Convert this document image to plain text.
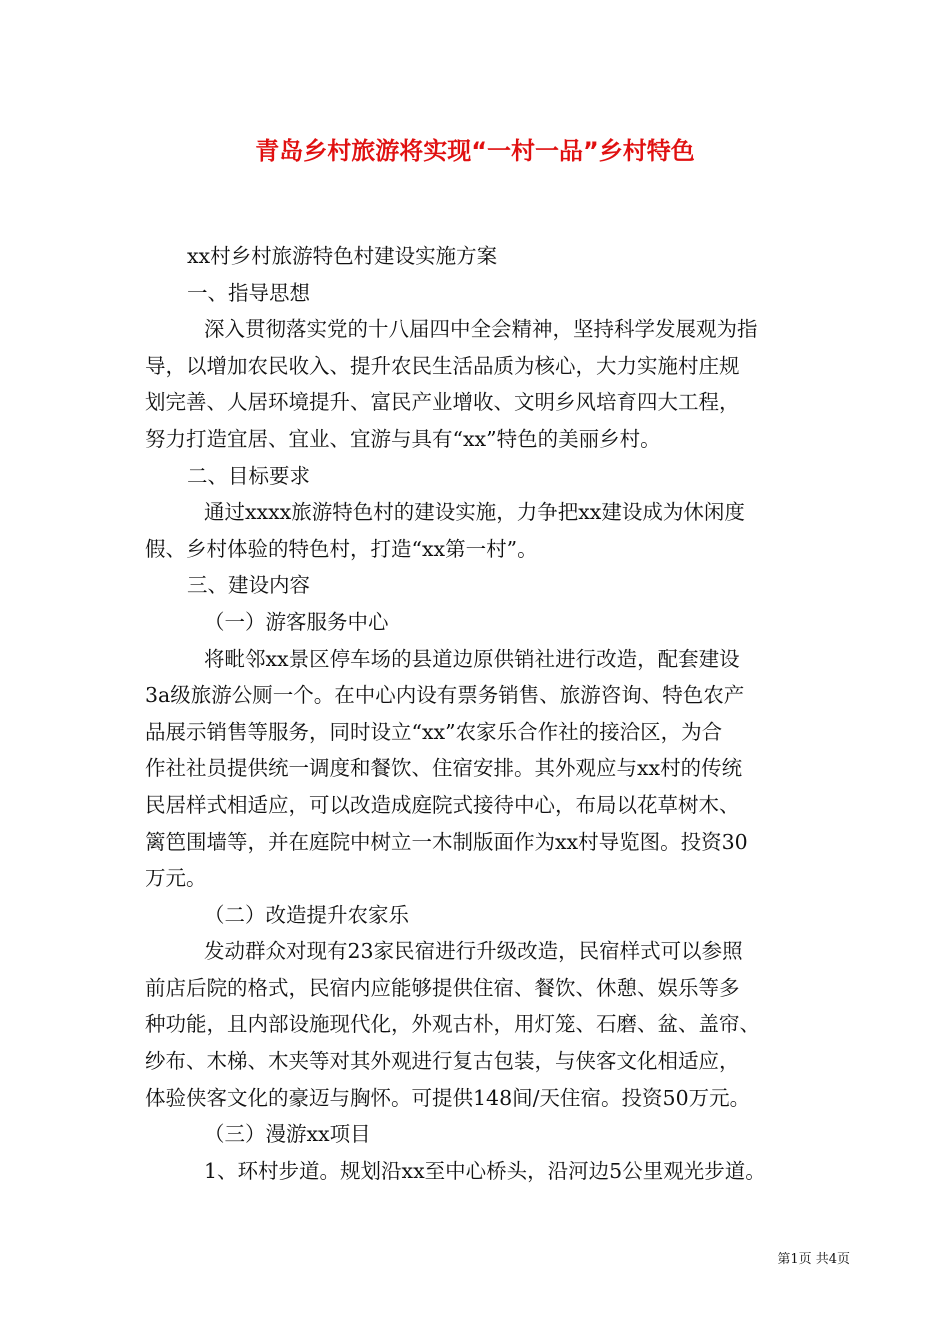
青岛乡村旅游将实现“一村一品”乡村特色

xx村乡村旅游特色村建设实施方案

一、指导思想

深入贯彻落实党的十八届四中全会精神，坚持科学发展观为指

导，以增加农民收入、提升农民生活品质为核心，大力实施村庄规

划完善、人居环境提升、富民产业增收、文明乡风培育四大工程，

努力打造宜居、宜业、宜游与具有“xx”特色的美丽乡村。

二、目标要求

通过xxxx旅游特色村的建设实施，力争把xx建设成为休闲度

假、乡村体验的特色村，打造“xx第一村”。

三、建设内容

（一）游客服务中心

将毗邻xx景区停车场的县道边原供销社进行改造，配套建设

3a级旅游公厕一个。在中心内设有票务销售、旅游咨询、特色农产

品展示销售等服务，同时设立“xx”农家乐合作社的接洽区，为合

作社社员提供统一调度和餐饮、住宿安排。其外观应与xx村的传统

民居样式相适应，可以改造成庭院式接待中心，布局以花草树木、

篱笆围墙等，并在庭院中树立一木制版面作为xx村导览图。投资30

万元。

（二）改造提升农家乐

发动群众对现有23家民宿进行升级改造，民宿样式可以参照

前店后院的格式，民宿内应能够提供住宿、餐饮、休憩、娱乐等多

种功能，且内部设施现代化，外观古朴，用灯笼、石磨、盆、盖帘、

纱布、木梯、木夹等对其外观进行复古包装，与侠客文化相适应，

体验侠客文化的豪迈与胸怀。可提供148间/天住宿。投资50万元。

（三）漫游xx项目

1、环村步道。规划沿xx至中心桥头，沿河边5公里观光步道。

第1页 共4页
